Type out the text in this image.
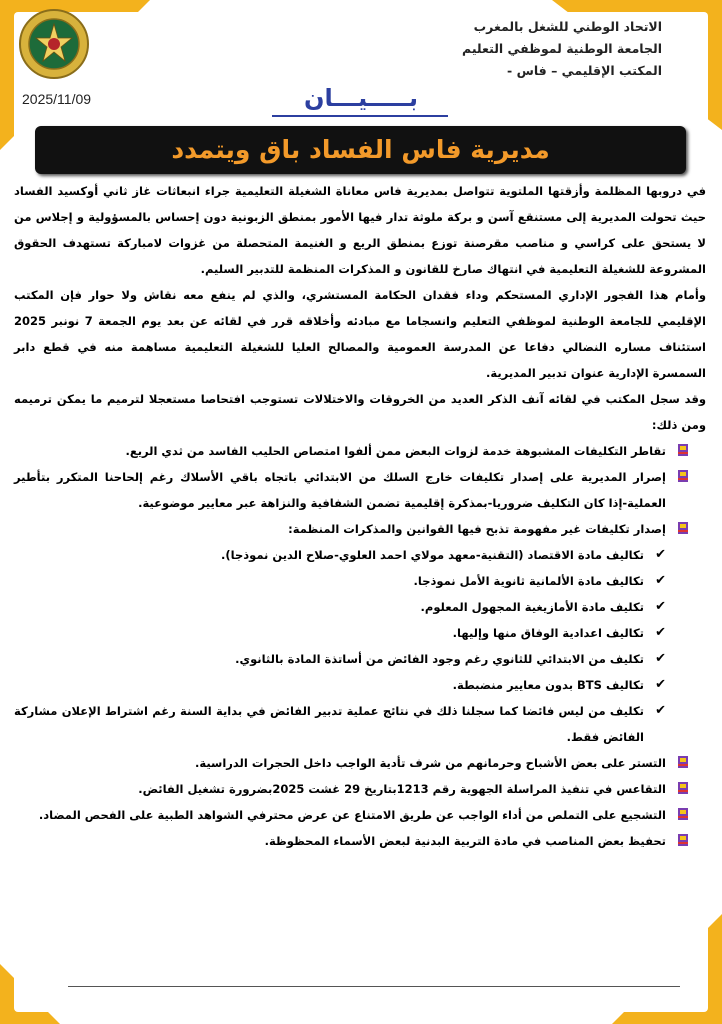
2025/11/09
الاتحاد الوطني للشغل بالمغرب
الجامعة الوطنية لموظفي التعليم
المكتب الإقليمي – فاس -
بـــــيـــان
مديرية فاس الفساد باق ويتمدد

في دروبها المظلمة وأزقتها الملتوية تتواصل بمديرية فاس معاناة الشغيلة التعليمية جراء انبعاثات غاز ثاني أوكسيد الفساد حيث تحولت المديرية إلى مستنقع آسن و بركة ملوثة تدار فيها الأمور بمنطق الزبونية دون إحساس بالمسؤولية و إجلاس من لا يستحق على كراسي و مناصب مقرصنة توزع بمنطق الريع و الغنيمة المتحصلة من غزوات لامباركة تستهدف الحقوق المشروعة للشغيلة التعليمية في انتهاك صارخ للقانون و المذكرات المنظمة للتدبير السليم.

وأمام هذا الفجور الإداري المستحكم وداء فقدان الحكامة المستشري، والذي لم ينفع معه نقاش ولا حوار فإن المكتب الإقليمي للجامعة الوطنية لموظفي التعليم وانسجاما مع مبادئه وأخلاقه قرر في لقائه عن بعد يوم الجمعة 7 نونبر 2025 استئناف مساره النضالي دفاعا عن المدرسة العمومية والمصالح العليا للشغيلة التعليمية مساهمة منه في قطع دابر السمسرة الإدارية عنوان تدبير المديرية.

وقد سجل المكتب في لقائه آنف الذكر العديد من الخروقات والاختلالات تستوجب افتحاصا مستعجلا لترميم ما يمكن ترميمه ومن ذلك:

تقاطر التكليفات المشبوهة خدمة لزوات البعض ممن ألفوا امتصاص الحليب الفاسد من ثدي الريع.
إصرار المديرية على إصدار تكليفات خارج السلك من الابتدائي باتجاه باقي الأسلاك رغم إلحاحنا المتكرر بتأطير العملية-إذا كان التكليف ضروريا-بمذكرة إقليمية تضمن الشفافية والنزاهة عبر معايير موضوعية.
إصدار تكليفات غير مفهومة تذبح فيها القوانين والمذكرات المنظمة:
✔
تكاليف مادة الاقتصاد (التقنية-معهد مولاي احمد العلوي-صلاح الدين نموذجا).
✔
تكاليف مادة الألمانية ثانوية الأمل نموذجا.
✔
تكليف مادة الأمازيغية المجهول المعلوم.
✔
تكاليف اعدادية الوفاق منها وإليها.
✔
تكليف من الابتدائي للثانوي رغم وجود الفائض من أساتذة المادة بالثانوي.
✔
تكاليف BTS بدون معايير منضبطة.
✔
تكليف من ليس فائضا كما سجلنا ذلك في نتائج عملية تدبير الفائض في بداية السنة رغم اشتراط الإعلان مشاركة الفائض فقط.
التستر على بعض الأشباح وحرمانهم من شرف تأدية الواجب داخل الحجرات الدراسية.
التقاعس في تنفيذ المراسلة الجهوية رقم 1213بتاريخ 29 غشت 2025بضرورة تشغيل الفائض.
التشجيع على التملص من أداء الواجب عن طريق الامتناع عن عرض محترفي الشواهد الطبية على الفحص المضاد.
تحفيظ بعض المناصب في مادة التربية البدنية لبعض الأسماء المحظوظة.
